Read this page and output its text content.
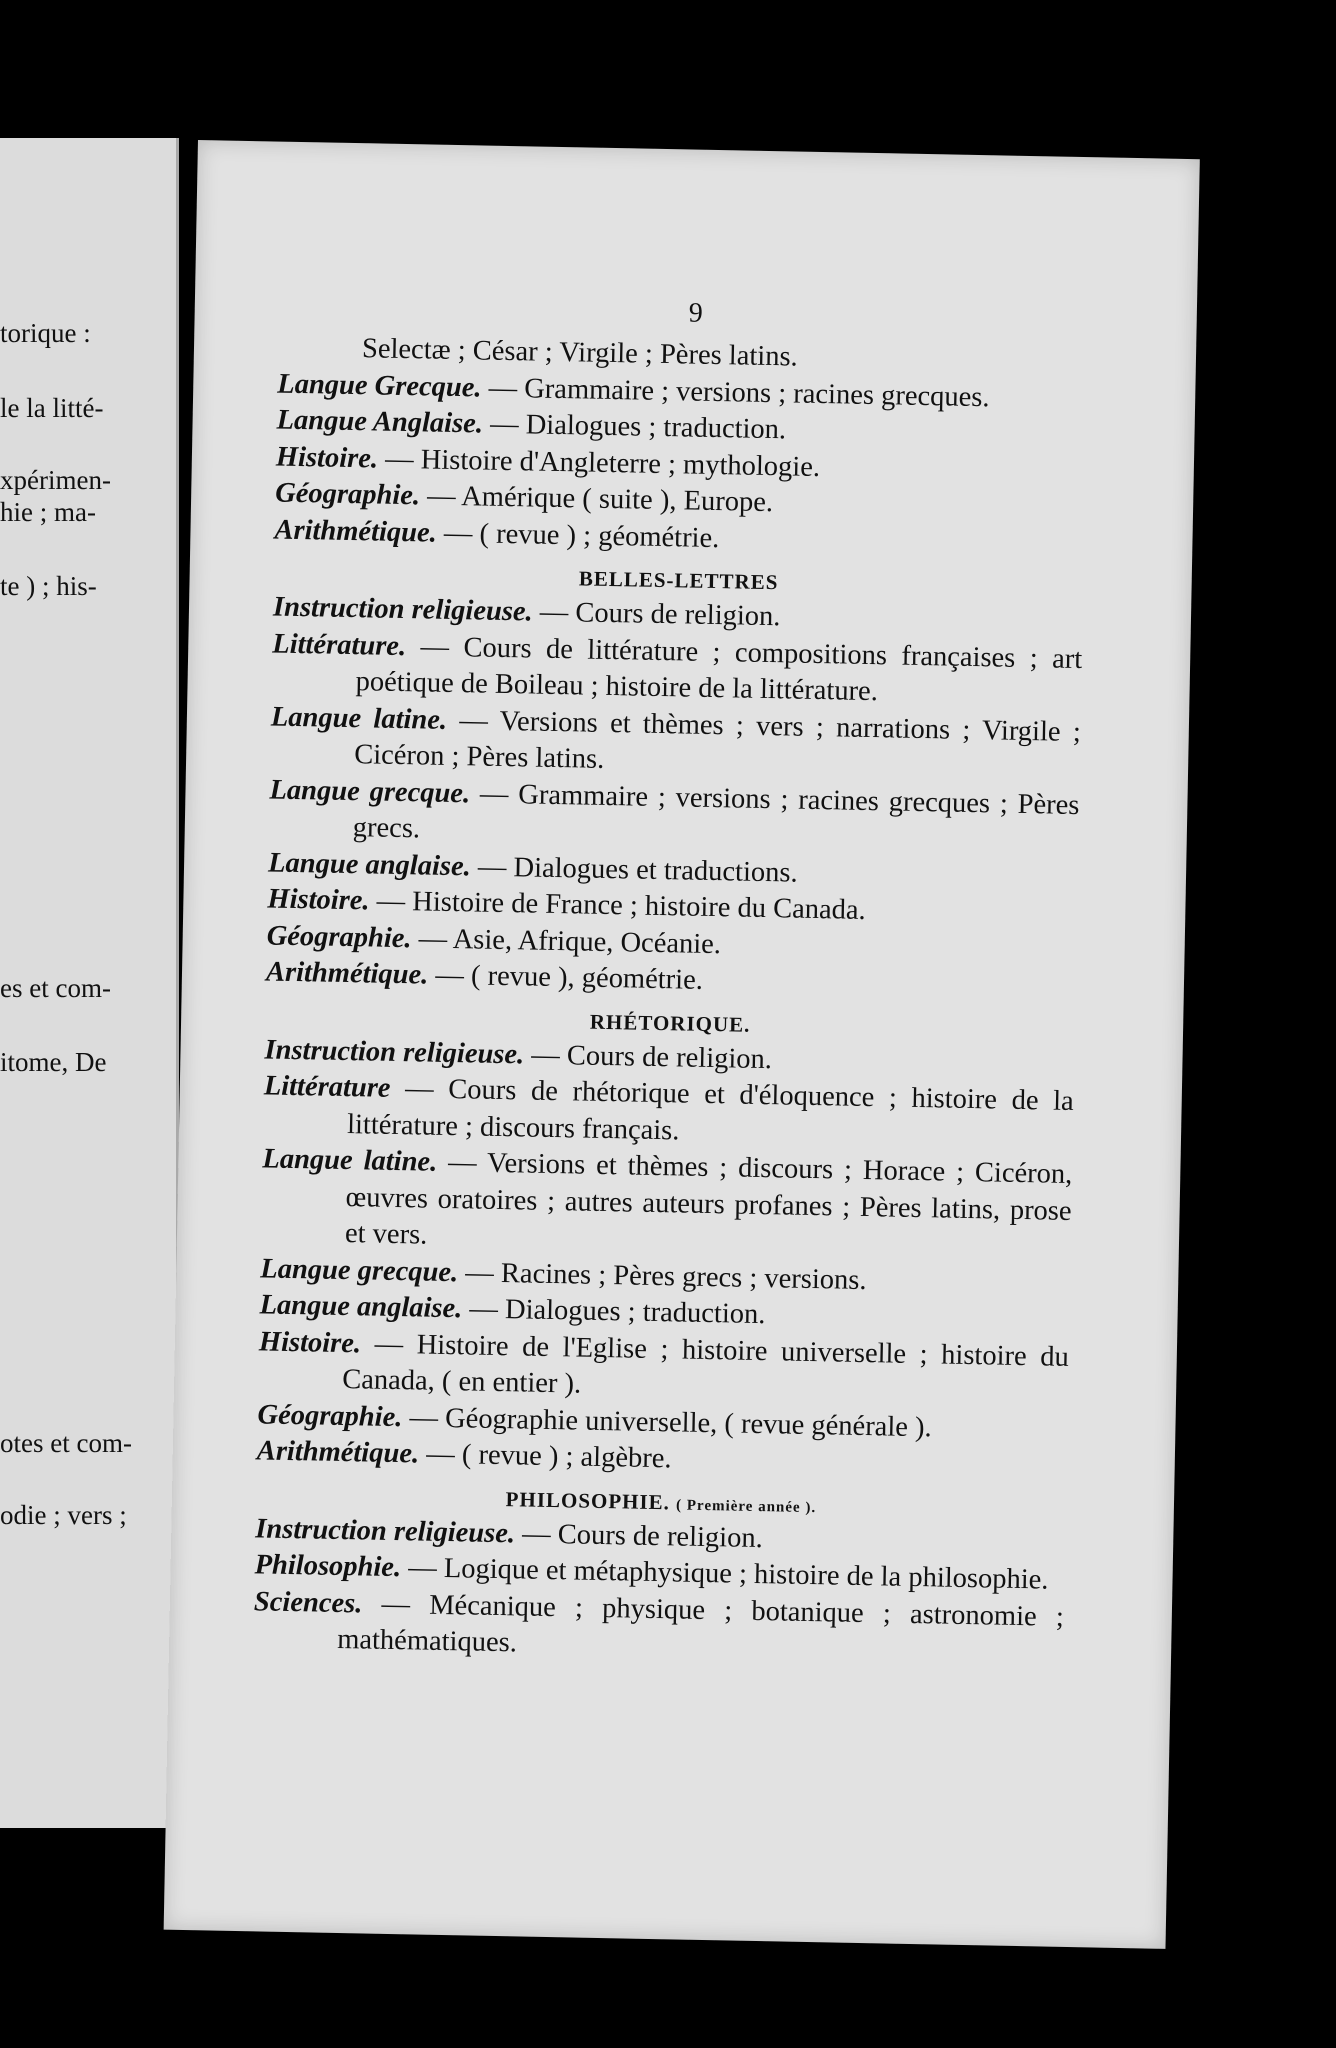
torique :
le la litté-
xpérimen-
hie ; ma-
te ) ; his-
es et com-
itome, De
otes et com-
odie ; vers ;
9
Selectæ ; César ; Virgile ; Pères latins.
Langue Grecque. — Grammaire ; versions ; racines grecques.
Langue Anglaise. — Dialogues ; traduction.
Histoire. — Histoire d'Angleterre ; mythologie.
Géographie. — Amérique ( suite ), Europe.
Arithmétique. — ( revue ) ; géométrie.
BELLES-LETTRES
Instruction religieuse. — Cours de religion.
Littérature. — Cours de littérature ; compositions françaises ; art poétique de Boileau ; histoire de la littérature.
Langue latine. — Versions et thèmes ; vers ; narrations ; Virgile ; Cicéron ; Pères latins.
Langue grecque. — Grammaire ; versions ; racines grecques ; Pères grecs.
Langue anglaise. — Dialogues et traductions.
Histoire. — Histoire de France ; histoire du Canada.
Géographie. — Asie, Afrique, Océanie.
Arithmétique. — ( revue ), géométrie.
RHÉTORIQUE.
Instruction religieuse. — Cours de religion.
Littérature — Cours de rhétorique et d'éloquence ; histoire de la littérature ; discours français.
Langue latine. — Versions et thèmes ; discours ; Horace ; Cicéron, œuvres oratoires ; autres auteurs profanes ; Pères latins, prose et vers.
Langue grecque. — Racines ; Pères grecs ; versions.
Langue anglaise. — Dialogues ; traduction.
Histoire. — Histoire de l'Eglise ; histoire universelle ; histoire du Canada, ( en entier ).
Géographie. — Géographie universelle, ( revue générale ).
Arithmétique. — ( revue ) ; algèbre.
PHILOSOPHIE. ( Première année ).
Instruction religieuse. — Cours de religion.
Philosophie. — Logique et métaphysique ; histoire de la philosophie.
Sciences. — Mécanique ; physique ; botanique ; astronomie ; mathématiques.
